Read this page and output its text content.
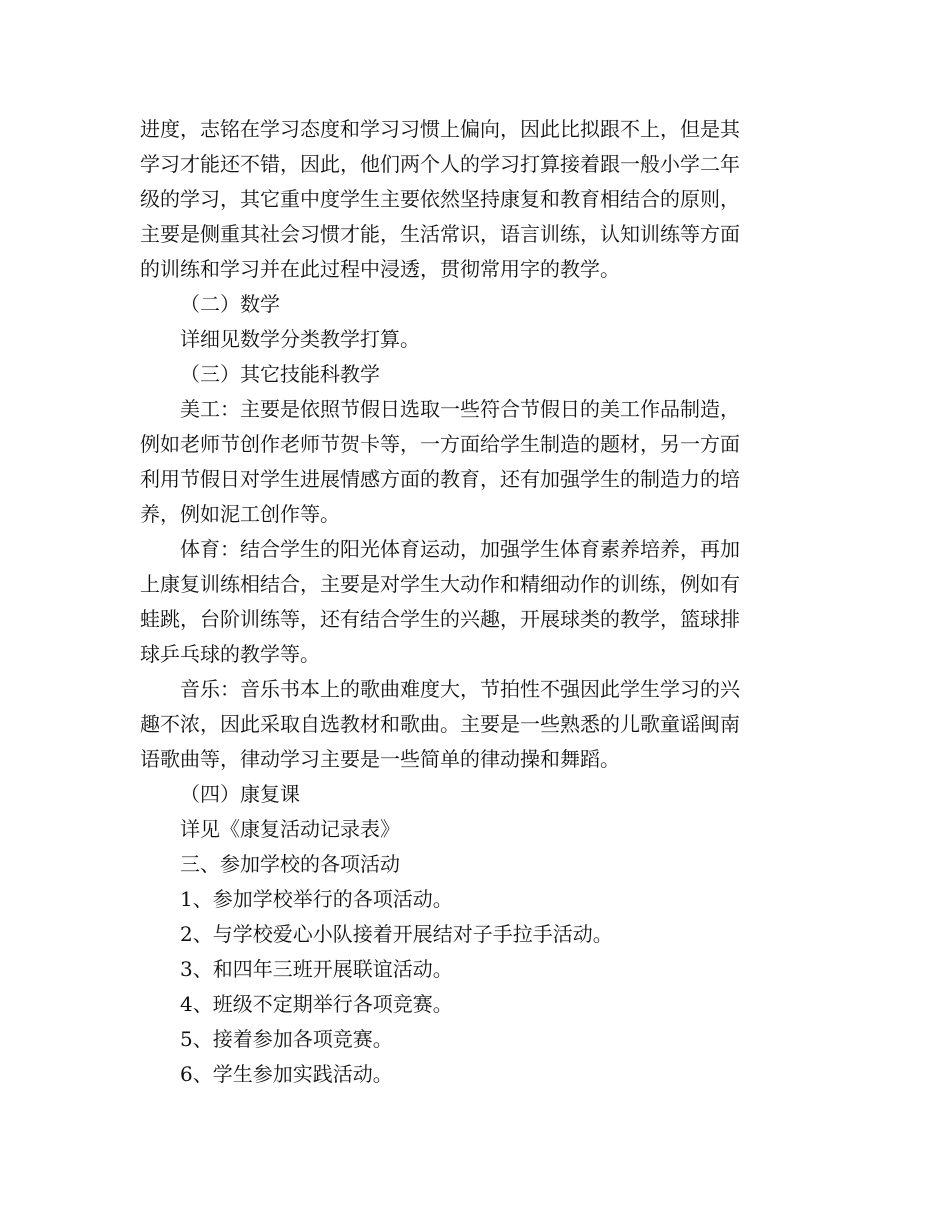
进度，志铭在学习态度和学习习惯上偏向，因此比拟跟不上，但是其
学习才能还不错，因此，他们两个人的学习打算接着跟一般小学二年
级的学习，其它重中度学生主要依然坚持康复和教育相结合的原则，
主要是侧重其社会习惯才能，生活常识，语言训练，认知训练等方面
的训练和学习并在此过程中浸透，贯彻常用字的教学。
（二）数学
详细见数学分类教学打算。
（三）其它技能科教学
美工：主要是依照节假日选取一些符合节假日的美工作品制造，
例如老师节创作老师节贺卡等，一方面给学生制造的题材，另一方面
利用节假日对学生进展情感方面的教育，还有加强学生的制造力的培
养，例如泥工创作等。
体育：结合学生的阳光体育运动，加强学生体育素养培养，再加
上康复训练相结合，主要是对学生大动作和精细动作的训练，例如有
蛙跳，台阶训练等，还有结合学生的兴趣，开展球类的教学，篮球排
球乒乓球的教学等。
音乐：音乐书本上的歌曲难度大，节拍性不强因此学生学习的兴
趣不浓，因此采取自选教材和歌曲。主要是一些熟悉的儿歌童谣闽南
语歌曲等，律动学习主要是一些简单的律动操和舞蹈。
（四）康复课
详见《康复活动记录表》
三、参加学校的各项活动
1、参加学校举行的各项活动。
2、与学校爱心小队接着开展结对子手拉手活动。
3、和四年三班开展联谊活动。
4、班级不定期举行各项竞赛。
5、接着参加各项竞赛。
6、学生参加实践活动。
